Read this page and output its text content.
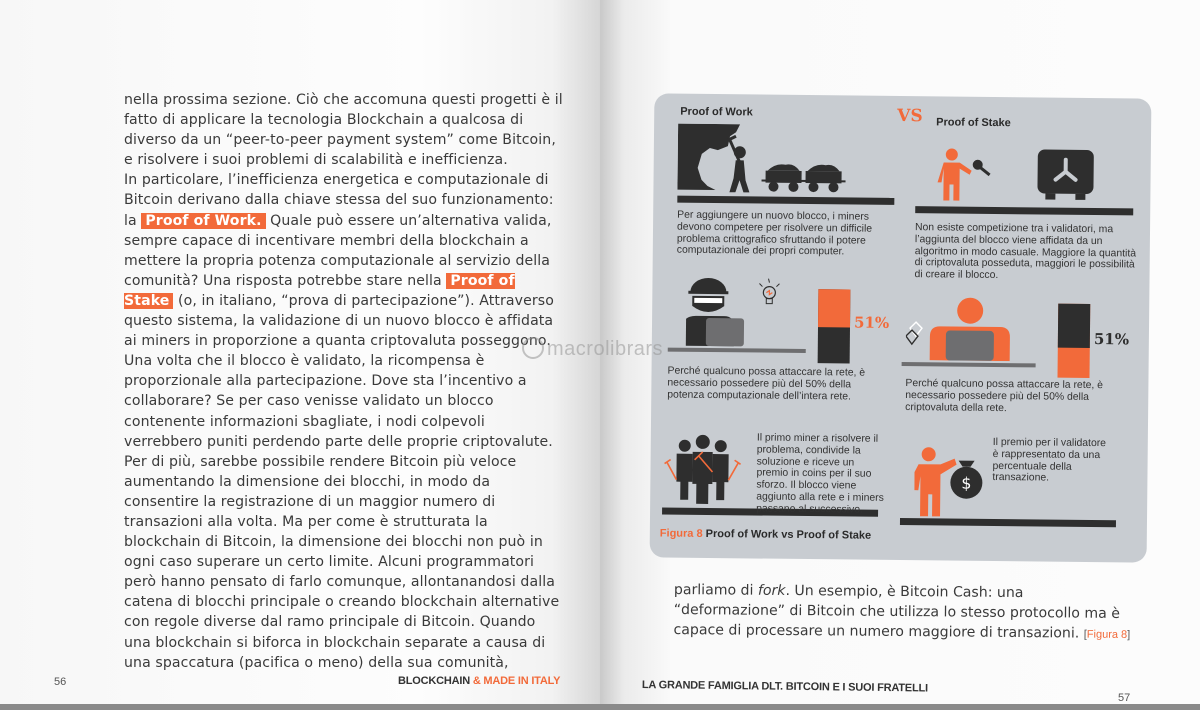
nella prossima sezione. Ciò che accomuna questi progetti è il fatto di applicare la tecnologia Blockchain a qualcosa di diverso da un “peer-to-peer payment system” come Bitcoin, e risolvere i suoi problemi di scalabilità e inefficienza.

In particolare, l’inefficienza energetica e computazionale di Bitcoin derivano dalla chiave stessa del suo funzionamento: la Proof of Work. Quale può essere un’alternativa valida, sempre capace di incentivare membri della blockchain a mettere la propria potenza computazionale al servizio della comunità? Una risposta potrebbe stare nella Proof of Stake (o, in italiano, “prova di partecipazione”). Attraverso questo sistema, la validazione di un nuovo blocco è affidata ai miners in proporzione a quanta criptovaluta posseggono. Una volta che il blocco è validato, la ricompensa è proporzionale alla partecipazione. Dove sta l’incentivo a collaborare? Se per caso venisse validato un blocco contenente informazioni sbagliate, i nodi colpevoli verrebbero puniti perdendo parte delle proprie criptovalute.

Per di più, sarebbe possibile rendere Bitcoin più veloce aumentando la dimensione dei blocchi, in modo da consentire la registrazione di un maggior numero di transazioni alla volta. Ma per come è strutturata la blockchain di Bitcoin, la dimensione dei blocchi non può in ogni caso superare un certo limite. Alcuni programmatori però hanno pensato di farlo comunque, allontanandosi dalla catena di blocchi principale o creando blockchain alternative con regole diverse dal ramo principale di Bitcoin. Quando una blockchain si biforca in blockchain separate a causa di una spaccatura (pacifica o meno) della sua comunità,

56	BLOCKCHAIN & MADE IN ITALY	LA GRANDE FAMIGLIA DLT. BITCOIN E I SUOI FRATELLI
57
Proof of Work	VS Proof of Stake
Per aggiungere un nuovo blocco, i miners devono competere per risolvere un difficile problema crittografico sfruttando il potere computazionale dei propri computer.
Non esiste competizione tra i validatori, ma l’aggiunta del blocco viene affidata da un algoritmo in modo casuale. Maggiore la quantità di criptovaluta posseduta, maggiori le possibilità di creare il blocco.
51%
51%
Perché qualcuno possa attaccare la rete, è necessario possedere più del 50% della potenza computazionale dell’intera rete.
Perché qualcuno possa attaccare la rete, è necessario possedere più del 50% della criptovaluta della rete.
Il primo miner a risolvere il problema, condivide la soluzione e riceve un premio in coins per il suo sforzo. Il blocco viene aggiunto alla rete e i miners passano al successivo.
$
Il premio per il validatore è rappresentato da una percentuale della transazione.
Figura 8 Proof of Work vs Proof of Stake
macrolibrars

parliamo di fork. Un esempio, è Bitcoin Cash: una “deformazione” di Bitcoin che utilizza lo stesso protocollo ma è capace di processare un numero maggiore di transazioni. [Figura 8]
